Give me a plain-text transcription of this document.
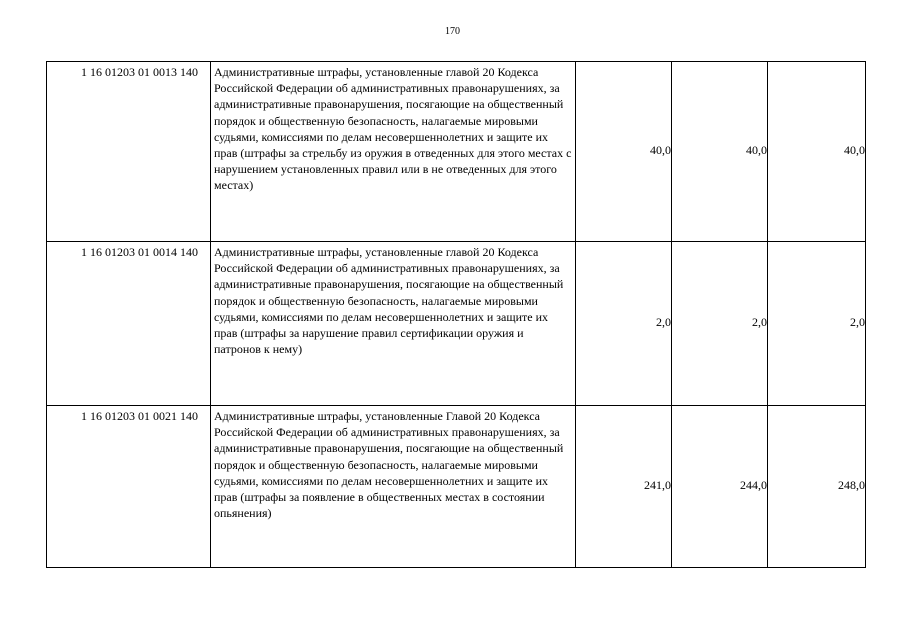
170
1 16 01203 01 0013 140	Административные штрафы, установленные главой 20 Кодекса Российской Федерации об административных правонарушениях, за административные правонарушения, посягающие на общественный порядок и общественную безопасность, налагаемые мировыми судьями, комиссиями по делам несовершеннолетних и защите их прав (штрафы за стрельбу из оружия в отведенных для этого местах с нарушением установленных правил или в не отведенных для этого местах)	40,0	40,0	40,0
1 16 01203 01 0014 140	Административные штрафы, установленные главой 20 Кодекса Российской Федерации об административных правонарушениях, за административные правонарушения, посягающие на общественный порядок и общественную безопасность, налагаемые мировыми судьями, комиссиями по делам несовершеннолетних и защите их прав (штрафы за нарушение правил сертификации оружия и патронов к нему)	2,0	2,0	2,0
1 16 01203 01 0021 140	Административные штрафы, установленные Главой 20 Кодекса Российской Федерации об административных правонарушениях, за административные правонарушения, посягающие на общественный порядок и общественную безопасность, налагаемые мировыми судьями, комиссиями по делам несовершеннолетних и защите их прав (штрафы за появление в общественных местах в состоянии опьянения)	241,0	244,0	248,0
